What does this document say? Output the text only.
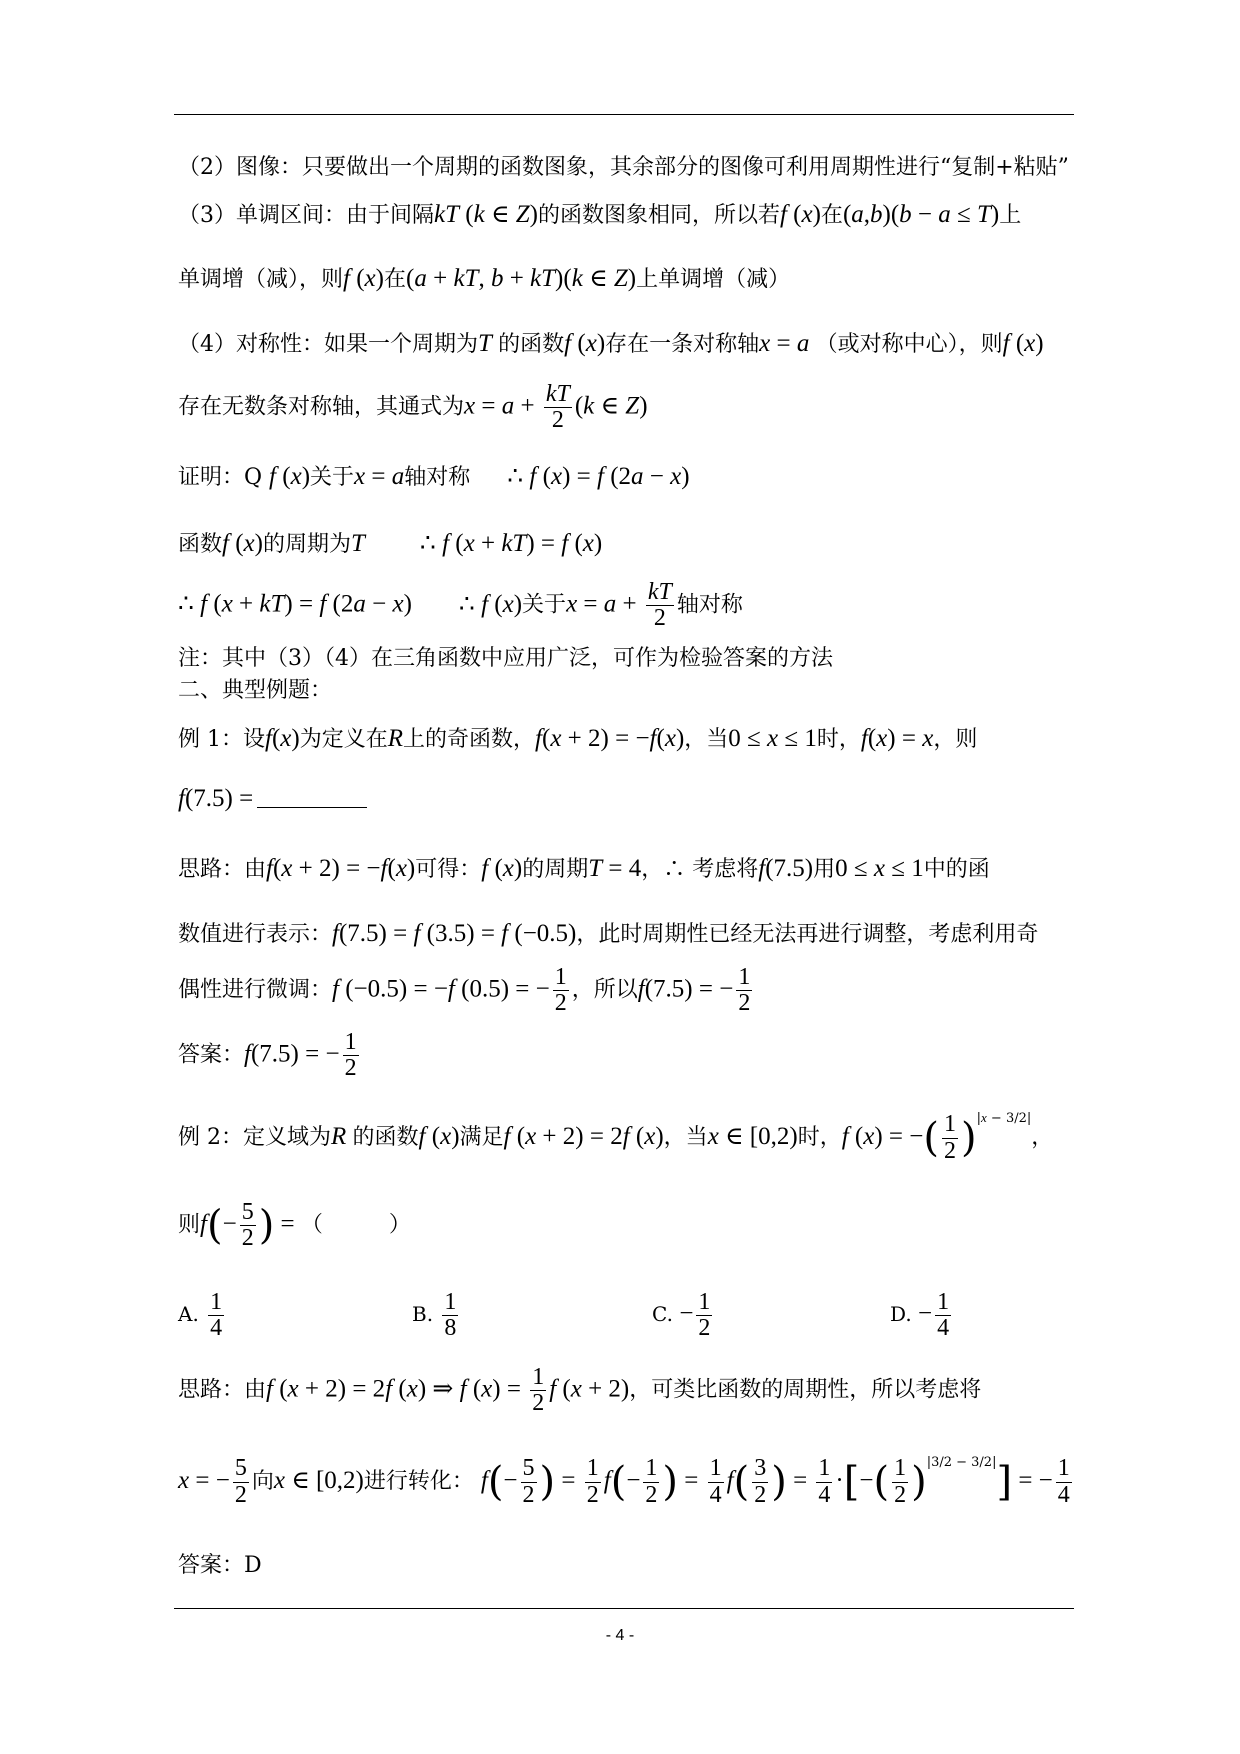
（2）图像：只要做出一个周期的函数图象，其余部分的图像可利用周期性进行“复制+粘贴”
（3）单调区间：由于间隔kT (k ∈ Z)的函数图象相同，所以若f (x)在(a,b)(b − a ≤ T)上
单调增（减），则f (x)在(a + kT, b + kT)(k ∈ Z)上单调增（减）
（4）对称性：如果一个周期为T 的函数f (x)存在一条对称轴x = a （或对称中心），则f (x)
存在无数条对称轴，其通式为$x = a + \frac{kT}{2} (k$ ∈ Z)
证明：Q f (x)关于x = a轴对称 ∴ f (x) = f (2a − x)
函数f (x)的周期为T ∴ f (x + kT) = f (x)
∴ f (x + kT) = f (2a − x) ∴ f (x)关于$x = a + \frac{kT}{2}$ 轴对称
注：其中（3）（4）在三角函数中应用广泛，可作为检验答案的方法
二、典型例题：
例 1：设f(x)为定义在R上的奇函数，f(x + 2) = −f(x)，当0 ≤ x ≤ 1时，f(x) = x，则
f(7.5) =
思路：由f(x + 2) = −f(x)可得：f (x)的周期T = 4，∴ 考虑将f(7.5)用0 ≤ x ≤ 1中的函
数值进行表示：f(7.5) = f (3.5) = f (−0.5)，此时周期性已经无法再进行调整，考虑利用奇
偶性进行微调：f (−0.5) = −f (0.5) = − $\frac{1}{2}$ ，所以f(7.5) = − $\frac{1}{2}$
答案：f(7.5) = − $\frac{1}{2}$
例 2：定义域为R 的函数f (x)满足f (x + 2) = 2f (x)，当x ∈ [0,2)时，f (x) = −( $\frac{1}{2} )^{|x - 3/2|}$，
则$f(- \frac{5}{2}$ ) = （　　　）
A. $\frac{1}{4}$	B. $\frac{1}{8}$	C. − $\frac{1}{2}$	D. − $\frac{1}{4}$
思路：由f (x + 2) = 2f (x) ⇒ f $(x) = \frac{1}{2}$ f (x + 2)，可类比函数的周期性，所以考虑将
x = − $\frac{5}{2}$ 向x ∈ [0,2)进行转化： $f(- \frac{5}{2}$ ) = $\frac{1}{2} f(- \frac{1}{2}$ ) = $\frac{1}{4} f( \frac{3}{2}$ ) = $\frac{1}{4}$ ·[−( $\frac{1}{2} )^{|3/2 - 3/2|}$] = − $\frac{1}{4}$
答案：D
- 4 -
